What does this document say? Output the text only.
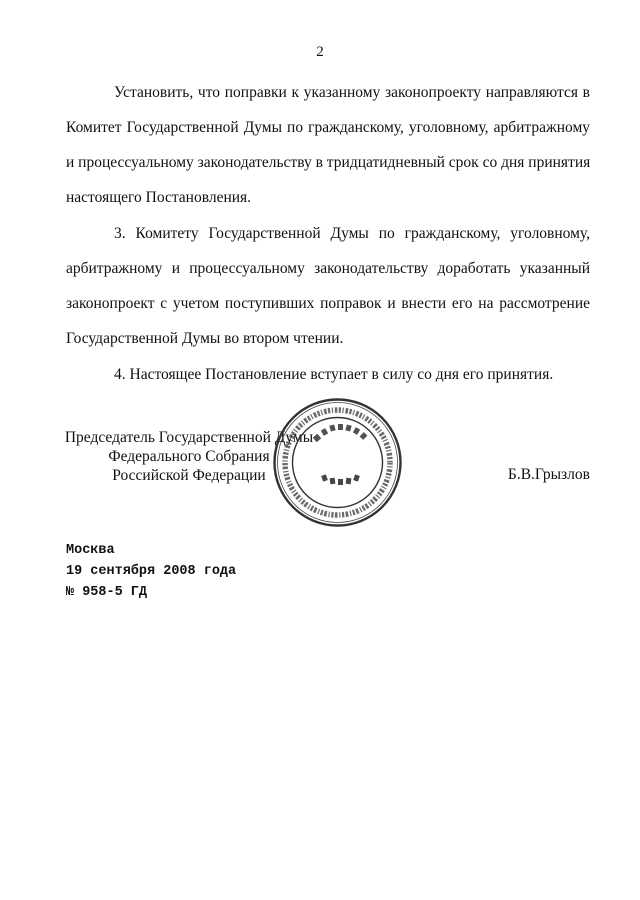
2

Установить, что поправки к указанному законопроекту направляются в
Комитет Государственной Думы по гражданскому, уголовному, арбитражному
и процессуальному законодательству в тридцатидневный срок со дня принятия
настоящего Постановления.

3. Комитету Государственной Думы по гражданскому, уголовному,
арбитражному и процессуальному законодательству доработать указанный
законопроект с учетом поступивших поправок и внести его на рассмотрение
Государственной Думы во втором чтении.

4. Настоящее Постановление вступает в силу со дня его принятия.

Председатель Государственной Думы
Федерального Собрания
Российской Федерации	Б.В.Грызлов
Москва
19 сентября 2008 года
№ 958-5 ГД
